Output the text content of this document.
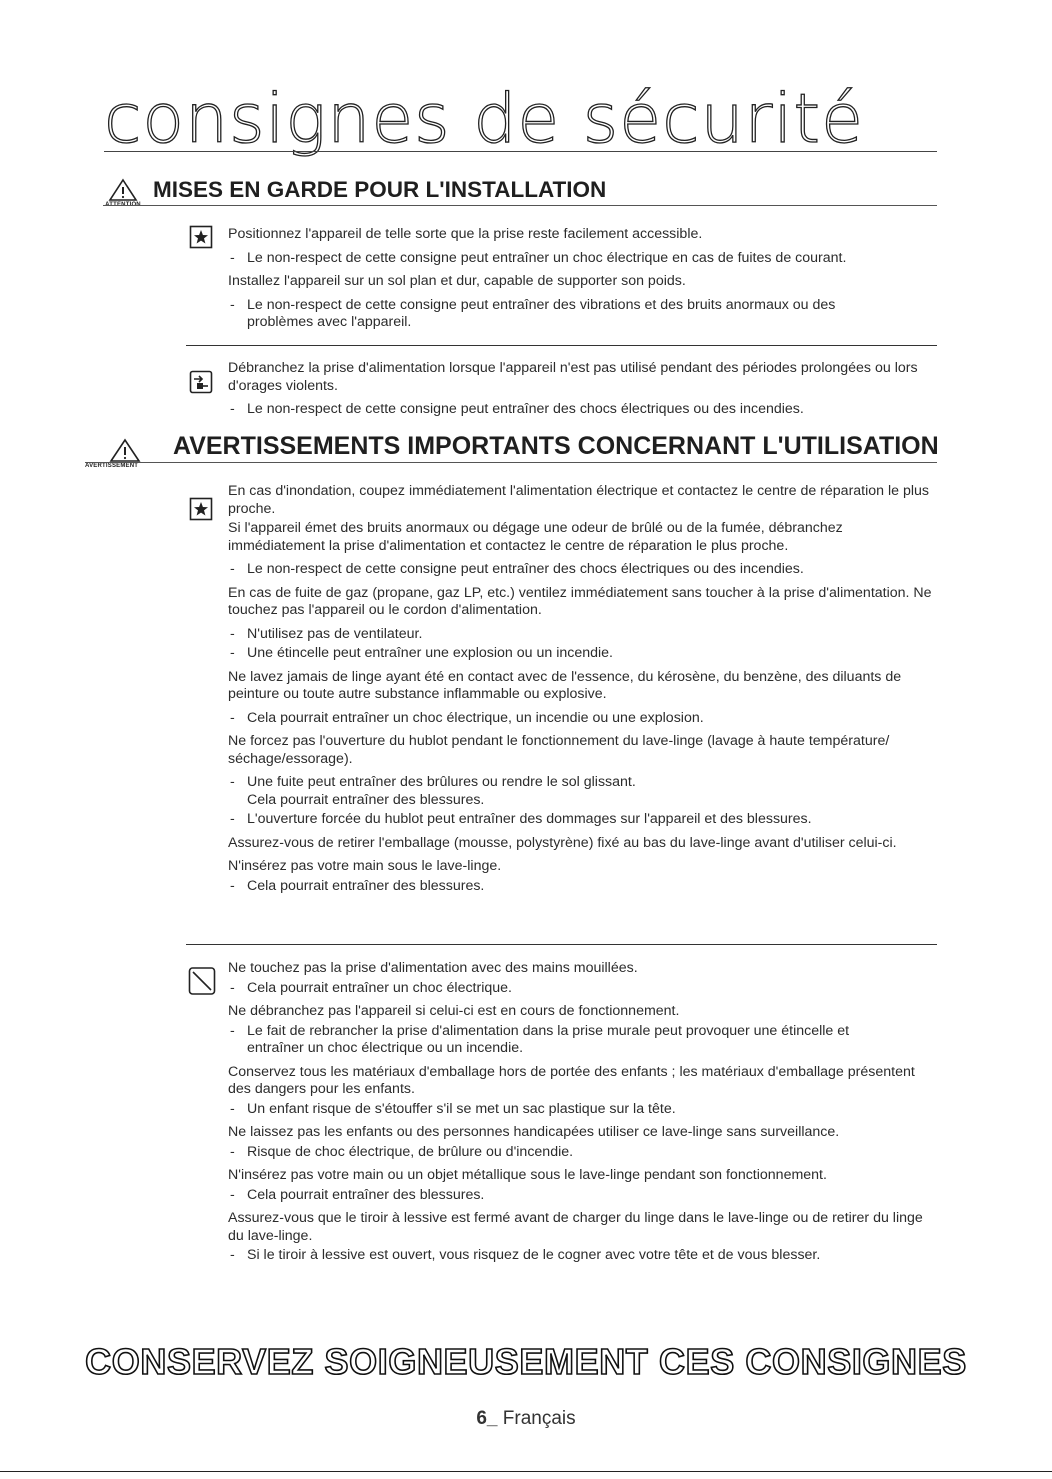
consignes de sécurité
ATTENTION
MISES EN GARDE POUR L'INSTALLATION

Positionnez l'appareil de telle sorte que la prise reste facilement accessible.

- Le non-respect de cette consigne peut entraîner un choc électrique en cas de fuites de courant.

Installez l'appareil sur un sol plan et dur, capable de supporter son poids.

- Le non-respect de cette consigne peut entraîner des vibrations et des bruits anormaux ou des
problèmes avec l'appareil.

Débranchez la prise d'alimentation lorsque l'appareil n'est pas utilisé pendant des périodes prolongées ou lors d'orages violents.

- Le non-respect de cette consigne peut entraîner des chocs électriques ou des incendies.

AVERTISSEMENT
AVERTISSEMENTS IMPORTANTS CONCERNANT L'UTILISATION

En cas d'inondation, coupez immédiatement l'alimentation électrique et contactez le centre de réparation le plus proche.

Si l'appareil émet des bruits anormaux ou dégage une odeur de brûlé ou de la fumée, débranchez immédiatement la prise d'alimentation et contactez le centre de réparation le plus proche.

- Le non-respect de cette consigne peut entraîner des chocs électriques ou des incendies.

En cas de fuite de gaz (propane, gaz LP, etc.) ventilez immédiatement sans toucher à la prise d'alimentation. Ne touchez pas l'appareil ou le cordon d'alimentation.

- N'utilisez pas de ventilateur.

- Une étincelle peut entraîner une explosion ou un incendie.

Ne lavez jamais de linge ayant été en contact avec de l'essence, du kérosène, du benzène, des diluants de peinture ou toute autre substance inflammable ou explosive.

- Cela pourrait entraîner un choc électrique, un incendie ou une explosion.

Ne forcez pas l'ouverture du hublot pendant le fonctionnement du lave-linge (lavage à haute température/ séchage/essorage).

- Une fuite peut entraîner des brûlures ou rendre le sol glissant.
Cela pourrait entraîner des blessures.

- L'ouverture forcée du hublot peut entraîner des dommages sur l'appareil et des blessures.

Assurez-vous de retirer l'emballage (mousse, polystyrène) fixé au bas du lave-linge avant d'utiliser celui-ci.

N'insérez pas votre main sous le lave-linge.

- Cela pourrait entraîner des blessures.

Ne touchez pas la prise d'alimentation avec des mains mouillées.

- Cela pourrait entraîner un choc électrique.

Ne débranchez pas l'appareil si celui-ci est en cours de fonctionnement.

- Le fait de rebrancher la prise d'alimentation dans la prise murale peut provoquer une étincelle et
entraîner un choc électrique ou un incendie.

Conservez tous les matériaux d'emballage hors de portée des enfants ; les matériaux d'emballage présentent des dangers pour les enfants.

- Un enfant risque de s'étouffer s'il se met un sac plastique sur la tête.

Ne laissez pas les enfants ou des personnes handicapées utiliser ce lave-linge sans surveillance.

- Risque de choc électrique, de brûlure ou d'incendie.

N'insérez pas votre main ou un objet métallique sous le lave-linge pendant son fonctionnement.

- Cela pourrait entraîner des blessures.

Assurez-vous que le tiroir à lessive est fermé avant de charger du linge dans le lave-linge ou de retirer du linge du lave-linge.

- Si le tiroir à lessive est ouvert, vous risquez de le cogner avec votre tête et de vous blesser.

CONSERVEZ SOIGNEUSEMENT CES CONSIGNES
6_ Français
